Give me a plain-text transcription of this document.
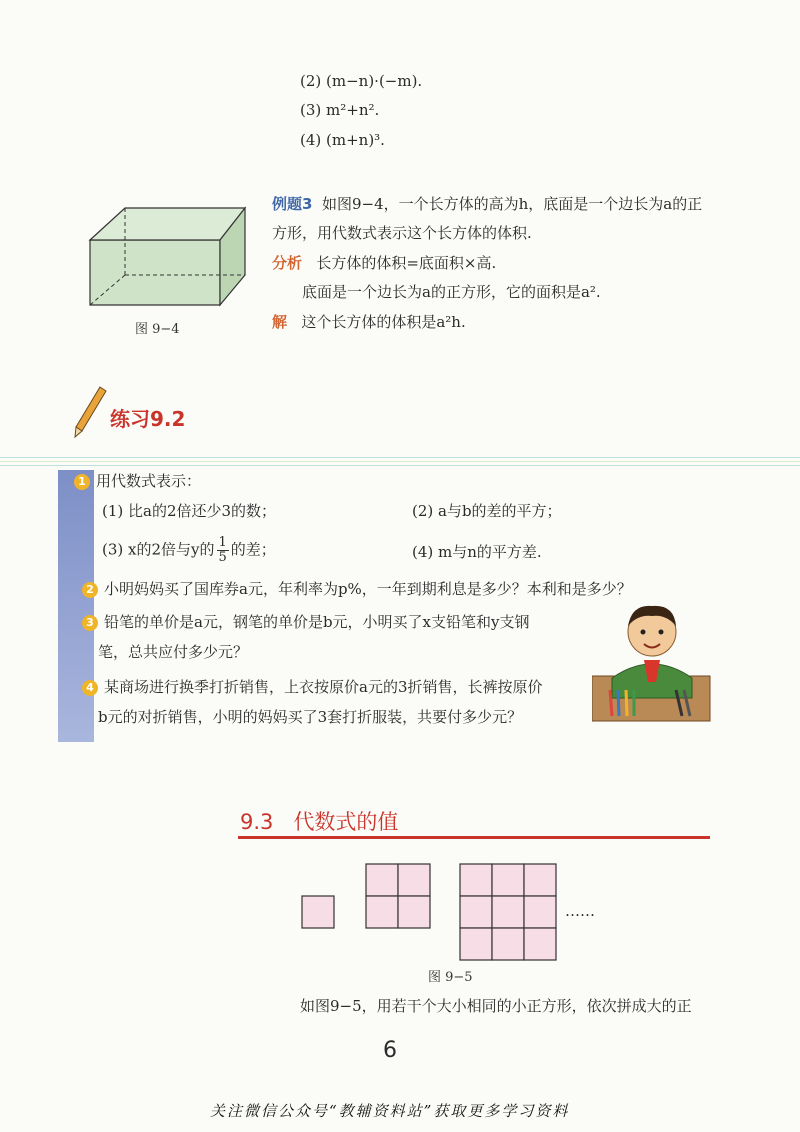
(2) (m−n)·(−m).
(3) m²+n².
(4) (m+n)³.
图 9−4
例题3 如图9−4，一个长方体的高为h，底面是一个边长为a的正
方形，用代数式表示这个长方体的体积.
分析 长方体的体积=底面积×高.
底面是一个边长为a的正方形，它的面积是a².
解 这个长方体的体积是a²h.
练习9.2
1 用代数式表示：
(1) 比a的2倍还少3的数；	(2) a与b的差的平方；
(3) x的2倍与y的 $\frac{1}{5}$ 的差；	(4) m与n的平方差.
2 小明妈妈买了国库券a元，年利率为p%，一年到期利息是多少？本利和是多少？
3 铅笔的单价是a元，钢笔的单价是b元，小明买了x支铅笔和y支钢
笔，总共应付多少元？
4 某商场进行换季打折销售，上衣按原价a元的3折销售，长裤按原价
b元的对折销售，小明的妈妈买了3套打折服装，共要付多少元？
9.3 代数式的值
……
图 9−5
如图9−5，用若干个大小相同的小正方形，依次拼成大的正
6
关注微信公众号“教辅资料站”获取更多学习资料
